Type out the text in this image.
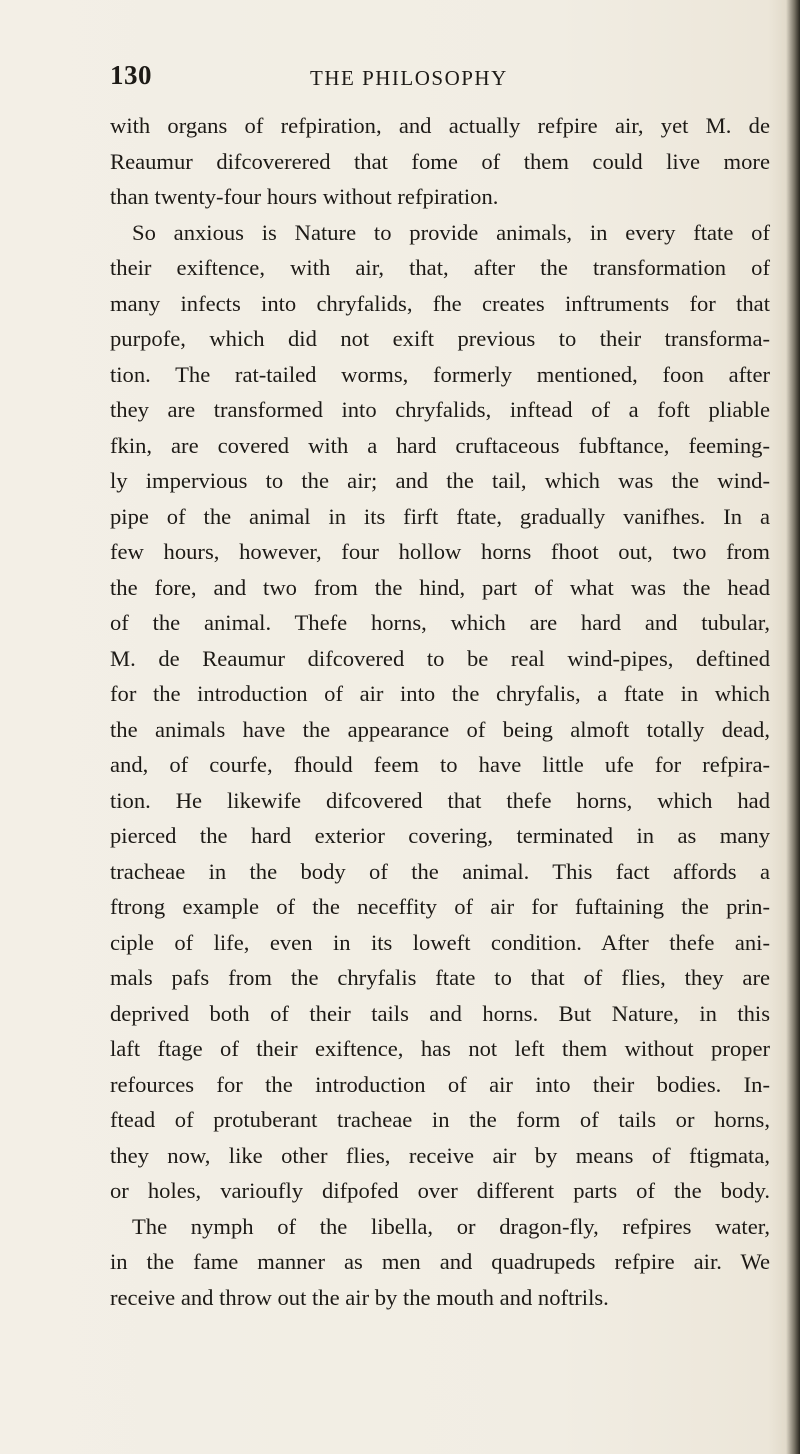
130	THE PHILOSOPHY
with organs of refpiration, and actually refpire air, yet M. de
Reaumur difcoverered that fome of them could live more
than twenty-four hours without refpiration.
So anxious is Nature to provide animals, in every ftate of
their exiftence, with air, that, after the transformation of
many infects into chryfalids, fhe creates inftruments for that
purpofe, which did not exift previous to their transforma-
tion. The rat-tailed worms, formerly mentioned, foon after
they are transformed into chryfalids, inftead of a foft pliable
fkin, are covered with a hard cruftaceous fubftance, feeming-
ly impervious to the air; and the tail, which was the wind-
pipe of the animal in its firft ftate, gradually vanifhes. In a
few hours, however, four hollow horns fhoot out, two from
the fore, and two from the hind, part of what was the head
of the animal. Thefe horns, which are hard and tubular,
M. de Reaumur difcovered to be real wind-pipes, deftined
for the introduction of air into the chryfalis, a ftate in which
the animals have the appearance of being almoft totally dead,
and, of courfe, fhould feem to have little ufe for refpira-
tion. He likewife difcovered that thefe horns, which had
pierced the hard exterior covering, terminated in as many
tracheae in the body of the animal. This fact affords a
ftrong example of the neceffity of air for fuftaining the prin-
ciple of life, even in its loweft condition. After thefe ani-
mals pafs from the chryfalis ftate to that of flies, they are
deprived both of their tails and horns. But Nature, in this
laft ftage of their exiftence, has not left them without proper
refources for the introduction of air into their bodies. In-
ftead of protuberant tracheae in the form of tails or horns,
they now, like other flies, receive air by means of ftigmata,
or holes, varioufly difpofed over different parts of the body.
The nymph of the libella, or dragon-fly, refpires water,
in the fame manner as men and quadrupeds refpire air. We
receive and throw out the air by the mouth and noftrils.
